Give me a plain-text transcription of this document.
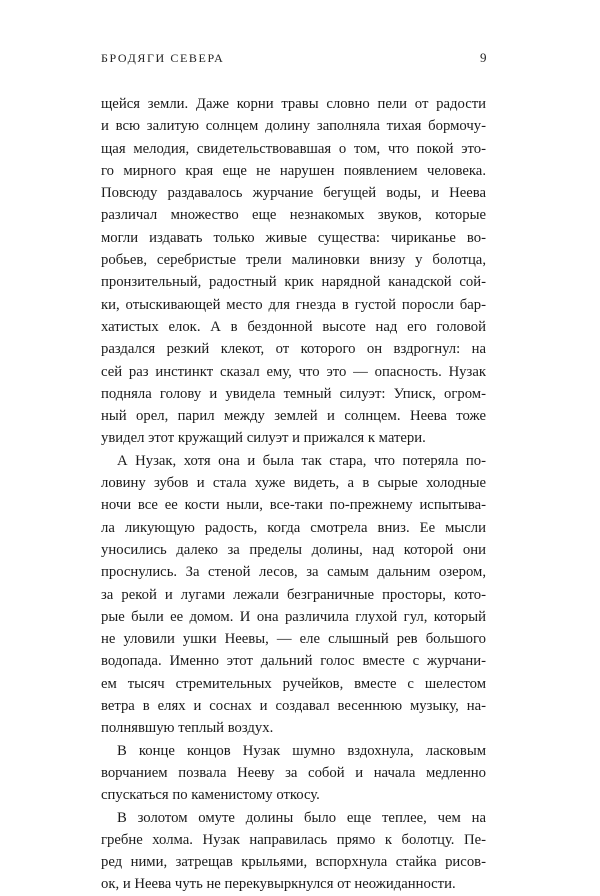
БРОДЯГИ СЕВЕРА	9
щейся земли. Даже корни травы словно пели от радости
и всю залитую солнцем долину заполняла тихая бормочу-
щая мелодия, свидетельствовавшая о том, что покой это-
го мирного края еще не нарушен появлением человека.
Повсюду раздавалось журчание бегущей воды, и Неева
различал множество еще незнакомых звуков, которые
могли издавать только живые существа: чириканье во-
робьев, серебристые трели малиновки внизу у болотца,
пронзительный, радостный крик нарядной канадской сой-
ки, отыскивающей место для гнезда в густой поросли бар-
хатистых елок. А в бездонной высоте над его головой
раздался резкий клекот, от которого он вздрогнул: на
сей раз инстинкт сказал ему, что это — опасность. Нузак
подняла голову и увидела темный силуэт: Уписк, огром-
ный орел, парил между землей и солнцем. Неева тоже
увидел этот кружащий силуэт и прижался к матери.
А Нузак, хотя она и была так стара, что потеряла по-
ловину зубов и стала хуже видеть, а в сырые холодные
ночи все ее кости ныли, все-таки по-прежнему испытыва-
ла ликующую радость, когда смотрела вниз. Ее мысли
уносились далеко за пределы долины, над которой они
проснулись. За стеной лесов, за самым дальним озером,
за рекой и лугами лежали безграничные просторы, кото-
рые были ее домом. И она различила глухой гул, который
не уловили ушки Неевы, — еле слышный рев большого
водопада. Именно этот дальний голос вместе с журчани-
ем тысяч стремительных ручейков, вместе с шелестом
ветра в елях и соснах и создавал весеннюю музыку, на-
полнявшую теплый воздух.
В конце концов Нузак шумно вздохнула, ласковым
ворчанием позвала Нееву за собой и начала медленно
спускаться по каменистому откосу.
В золотом омуте долины было еще теплее, чем на
гребне холма. Нузак направилась прямо к болотцу. Пе-
ред ними, затрещав крыльями, вспорхнула стайка рисов-
ок, и Неева чуть не перекувыркнулся от неожиданности.
